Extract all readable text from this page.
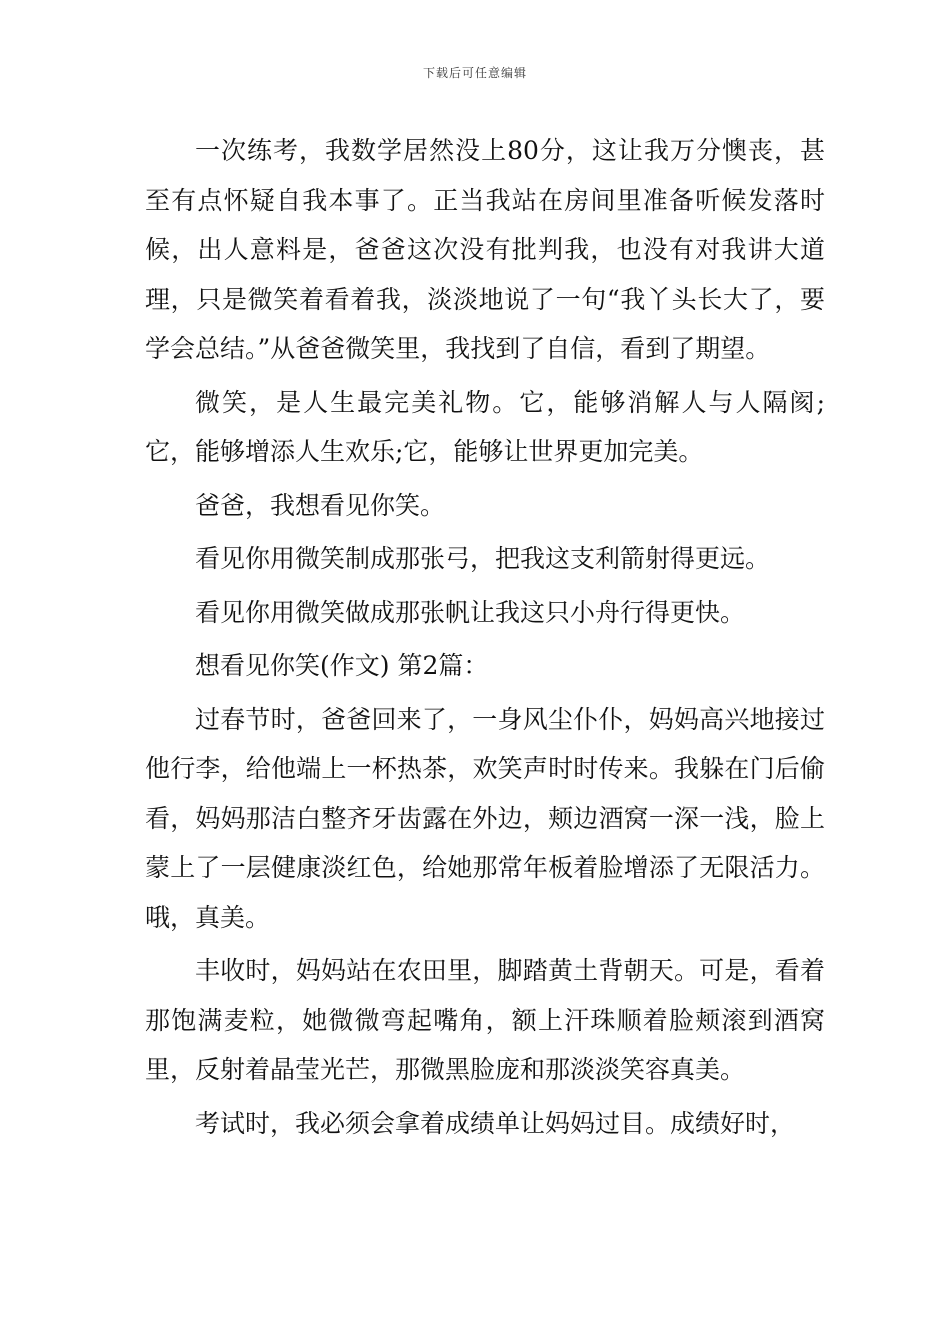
下载后可任意编辑

一次练考，我数学居然没上80分，这让我万分懊丧，甚至有点怀疑自我本事了。正当我站在房间里准备听候发落时候，出人意料是，爸爸这次没有批判我，也没有对我讲大道理，只是微笑着看着我，淡淡地说了一句“我丫头长大了，要学会总结。”从爸爸微笑里，我找到了自信，看到了期望。

微笑，是人生最完美礼物。它，能够消解人与人隔阂;它，能够增添人生欢乐;它，能够让世界更加完美。

爸爸，我想看见你笑。

看见你用微笑制成那张弓，把我这支利箭射得更远。

看见你用微笑做成那张帆让我这只小舟行得更快。

想看见你笑(作文) 第2篇：

过春节时，爸爸回来了，一身风尘仆仆，妈妈高兴地接过他行李，给他端上一杯热茶，欢笑声时时传来。我躲在门后偷看，妈妈那洁白整齐牙齿露在外边，颊边酒窝一深一浅，脸上蒙上了一层健康淡红色，给她那常年板着脸增添了无限活力。哦，真美。

丰收时，妈妈站在农田里，脚踏黄土背朝天。可是，看着那饱满麦粒，她微微弯起嘴角，额上汗珠顺着脸颊滚到酒窝里，反射着晶莹光芒，那微黑脸庞和那淡淡笑容真美。

考试时，我必须会拿着成绩单让妈妈过目。成绩好时，
